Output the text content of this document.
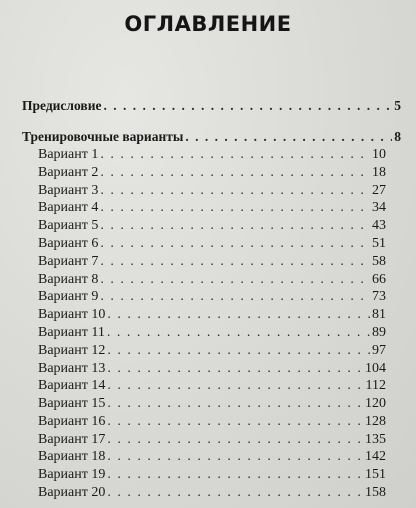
ОГЛАВЛЕНИЕ
Предисловие . . .	5
Тренировочные варианты . . .	8
Вариант 1 . . .	10
Вариант 2 . . .	18
Вариант 3 . . .	27
Вариант 4 . . .	34
Вариант 5 . . .	43
Вариант 6 . . .	51
Вариант 7 . . .	58
Вариант 8 . . .	66
Вариант 9 . . .	73
Вариант 10 . . .	81
Вариант 11 . . .	89
Вариант 12 . . .	97
Вариант 13 . . .	104
Вариант 14 . . .	112
Вариант 15 . . .	120
Вариант 16 . . .	128
Вариант 17 . . .	135
Вариант 18 . . .	142
Вариант 19 . . .	151
Вариант 20 . . .	158
